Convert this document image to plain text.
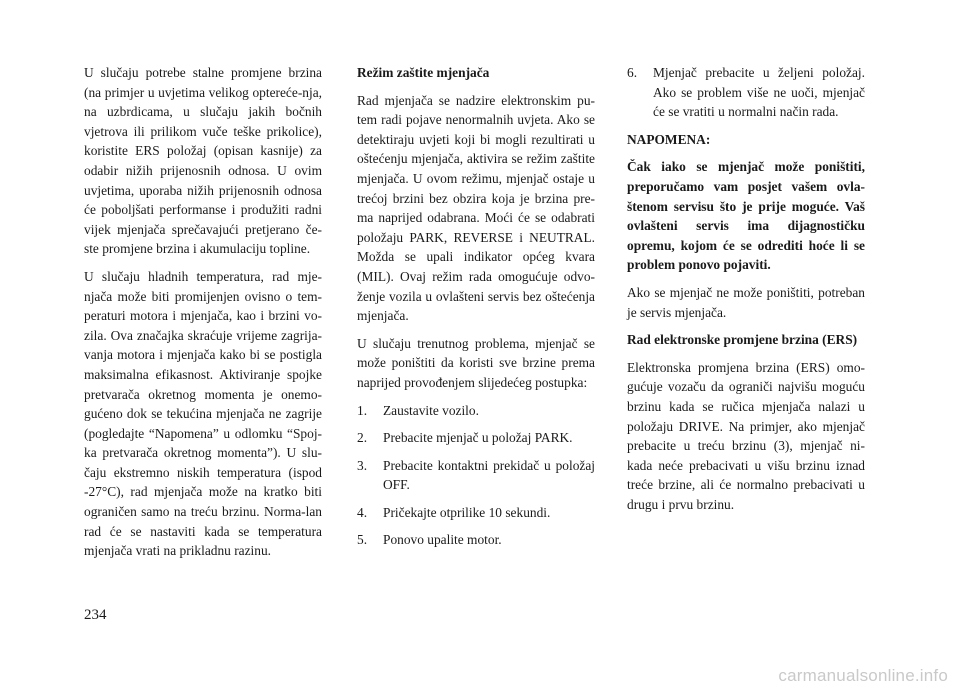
U slučaju potrebe stalne promjene brzina (na primjer u uvjetima velikog optereće-nja, na uzbrdicama, u slučaju jakih bočnih vjetrova ili prilikom vuče teške prikolice), koristite ERS položaj (opisan kasnije) za odabir nižih prijenosnih odnosa. U ovim uvjetima, uporaba nižih prijenosnih odnosa će poboljšati performanse i produžiti radni vijek mjenjača sprečavajući pretjerano če-ste promjene brzina i akumulaciju topline.

U slučaju hladnih temperatura, rad mje-njača može biti promijenjen ovisno o tem-peraturi motora i mjenjača, kao i brzini vo-zila. Ova značajka skraćuje vrijeme zagrija-vanja motora i mjenjača kako bi se postigla maksimalna efikasnost. Aktiviranje spojke pretvarača okretnog momenta je onemo-gućeno dok se tekućina mjenjača ne zagrije (pogledajte “Napomena” u odlomku “Spoj-ka pretvarača okretnog momenta”). U slu-čaju ekstremno niskih temperatura (ispod -27°C), rad mjenjača može na kratko biti ograničen samo na treću brzinu. Norma-lan rad će se nastaviti kada se temperatura mjenjača vrati na prikladnu razinu.

Režim zaštite mjenjača

Rad mjenjača se nadzire elektronskim pu-tem radi pojave nenormalnih uvjeta. Ako se detektiraju uvjeti koji bi mogli rezultirati u oštećenju mjenjača, aktivira se režim zaštite mjenjača. U ovom režimu, mjenjač ostaje u trećoj brzini bez obzira koja je brzina pre-ma naprijed odabrana. Moći će se odabrati položaju PARK, REVERSE i NEUTRAL. Možda se upali indikator općeg kvara (MIL). Ovaj režim rada omogućuje odvo-ženje vozila u ovlašteni servis bez oštećenja mjenjača.

U slučaju trenutnog problema, mjenjač se može poništiti da koristi sve brzine prema naprijed provođenjem slijedećeg postupka:

1. Zaustavite vozilo.
2. Prebacite mjenjač u položaj PARK.
3. Prebacite kontaktni prekidač u položaj OFF.
4. Pričekajte otprilike 10 sekundi.
5. Ponovo upalite motor.
6. Mjenjač prebacite u željeni položaj. Ako se problem više ne uoči, mjenjač će se vratiti u normalni način rada.

NAPOMENA:

Čak iako se mjenjač može poništiti, preporučamo vam posjet vašem ovla-štenom servisu što je prije moguće. Vaš ovlašteni servis ima dijagnostičku opremu, kojom će se odrediti hoće li se problem ponovo pojaviti.

Ako se mjenjač ne može poništiti, potreban je servis mjenjača.

Rad elektronske promjene brzina (ERS)

Elektronska promjena brzina (ERS) omo-gućuje vozaču da ograniči najvišu moguću brzinu kada se ručica mjenjača nalazi u položaju DRIVE. Na primjer, ako mjenjač prebacite u treću brzinu (3), mjenjač ni-kada neće prebacivati u višu brzinu iznad treće brzine, ali će normalno prebacivati u drugu i prvu brzinu.

234
carmanualsonline.info
